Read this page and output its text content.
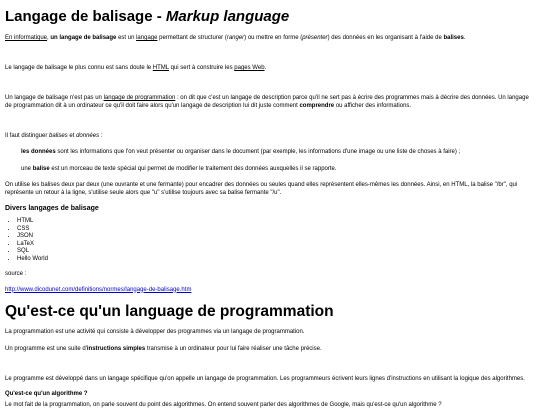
Langage de balisage - Markup language

En informatique, un langage de balisage est un langage permettant de structurer (ranger) ou mettre en forme (présenter) des données en les organisant à l'aide de balises.

Le langage de balisage le plus connu est sans doute le HTML qui sert à construire les pages Web.

Un langage de balisage n'est pas un langage de programmation : on dit que c'est un langage de description parce qu'il ne sert pas à écrire des programmes mais à décrire des données. Un langage de programmation dit à un ordinateur ce qu'il doit faire alors qu'un langage de description lui dit juste comment comprendre ou afficher des informations.

Il faut distinguer balises et données :

les données sont les informations que l'on veut présenter ou organiser dans le document (par exemple, les informations d'une image ou une liste de choses à faire) ;

une balise est un morceau de texte spécial qui permet de modifier le traitement des données auxquelles il se rapporte.

On utilise les balises deux par deux (une ouvrante et une fermante) pour encadrer des données ou seules quand elles représentent elles-mêmes les données. Ainsi, en HTML, la balise "/br", qui représente un retour à la ligne, s'utilise seule alors que "u" s'utilise toujours avec sa balise fermante "/u".

Divers langages de balisage
• HTML
• CSS
• JSON
• LaTeX
• SQL
• Hello World

source :

http://www.dicodunet.com/definitions/normes/langage-de-balisage.htm

Qu'est-ce qu'un language de programmation

La programmation est une activité qui consiste à développer des programmes via un langage de programmation.

Un programme est une suite d'instructions simples transmise à un ordinateur pour lui faire réaliser une tâche précise.

Le programme est développé dans un langage spécifique qu'on appelle un langage de programmation. Les programmeurs écrivent leurs lignes d'instructions en utilisant la logique des algorithmes.

Qu'est-ce qu'un algorithme ?

Le mot fait de la programmation, on parle souvent du point des algorithmes. On entend souvent parler des algorithmes de Google, mais qu'est-ce qu'un algorithme ?
